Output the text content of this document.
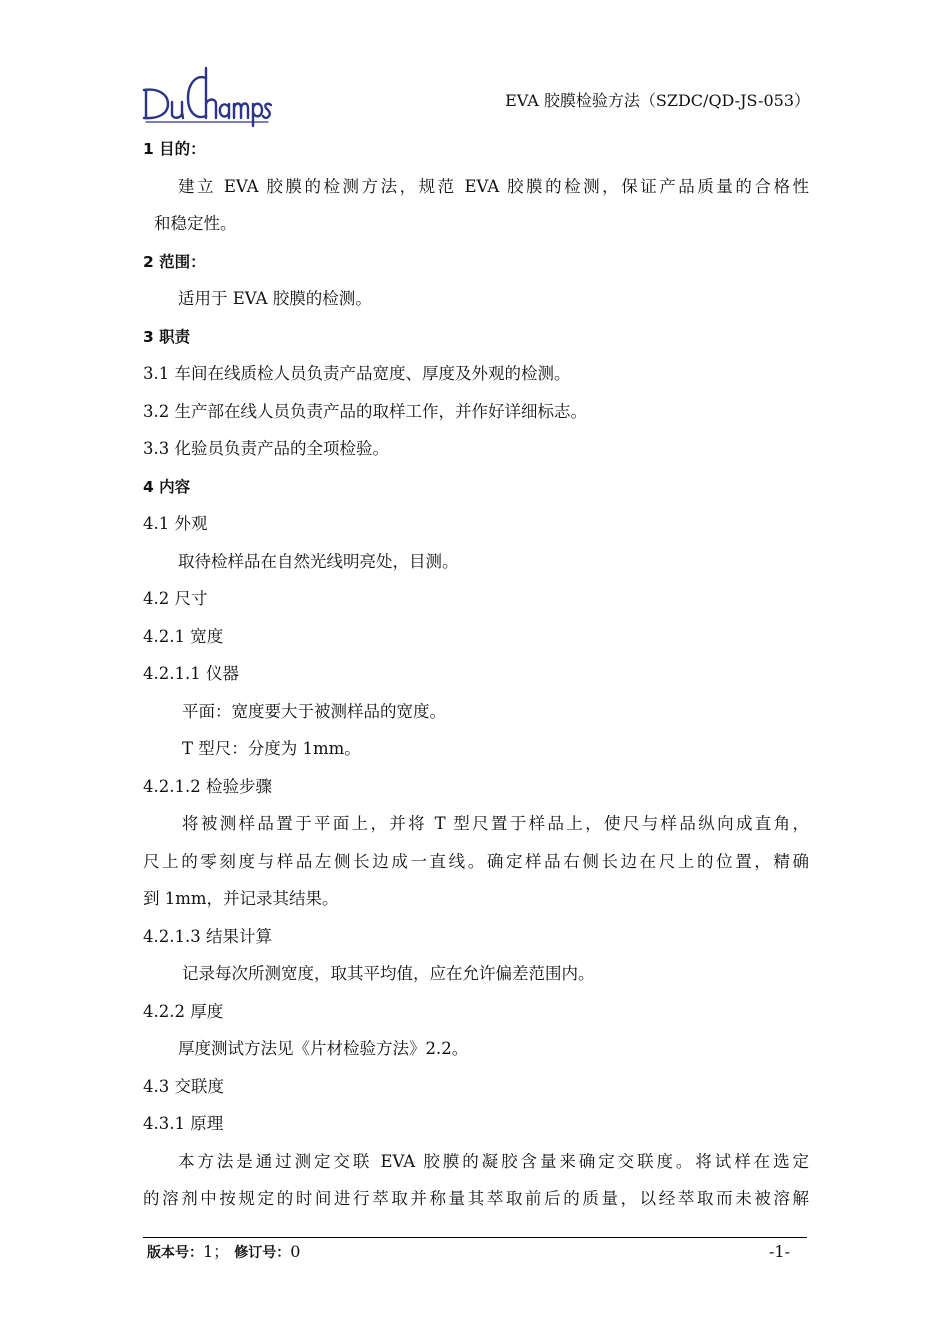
EVA 胶膜检验方法（SZDC/QD-JS-053）
1 目的：
建立 EVA 胶膜的检测方法，规范 EVA 胶膜的检测，保证产品质量的合格性
和稳定性。
2 范围：
适用于 EVA 胶膜的检测。
3 职责
3.1 车间在线质检人员负责产品宽度、厚度及外观的检测。
3.2 生产部在线人员负责产品的取样工作，并作好详细标志。
3.3 化验员负责产品的全项检验。
4 内容
4.1 外观
取待检样品在自然光线明亮处，目测。
4.2 尺寸
4.2.1 宽度
4.2.1.1 仪器
平面：宽度要大于被测样品的宽度。
T 型尺：分度为 1mm。
4.2.1.2 检验步骤
将被测样品置于平面上，并将 T 型尺置于样品上，使尺与样品纵向成直角，
尺上的零刻度与样品左侧长边成一直线。确定样品右侧长边在尺上的位置，精确
到 1mm，并记录其结果。
4.2.1.3 结果计算
记录每次所测宽度，取其平均值，应在允许偏差范围内。
4.2.2 厚度
厚度测试方法见《片材检验方法》2.2。
4.3 交联度
4.3.1 原理
本方法是通过测定交联 EVA 胶膜的凝胶含量来确定交联度。将试样在选定
的溶剂中按规定的时间进行萃取并称量其萃取前后的质量，以经萃取而未被溶解
版本号：1； 修订号：0	-1-
